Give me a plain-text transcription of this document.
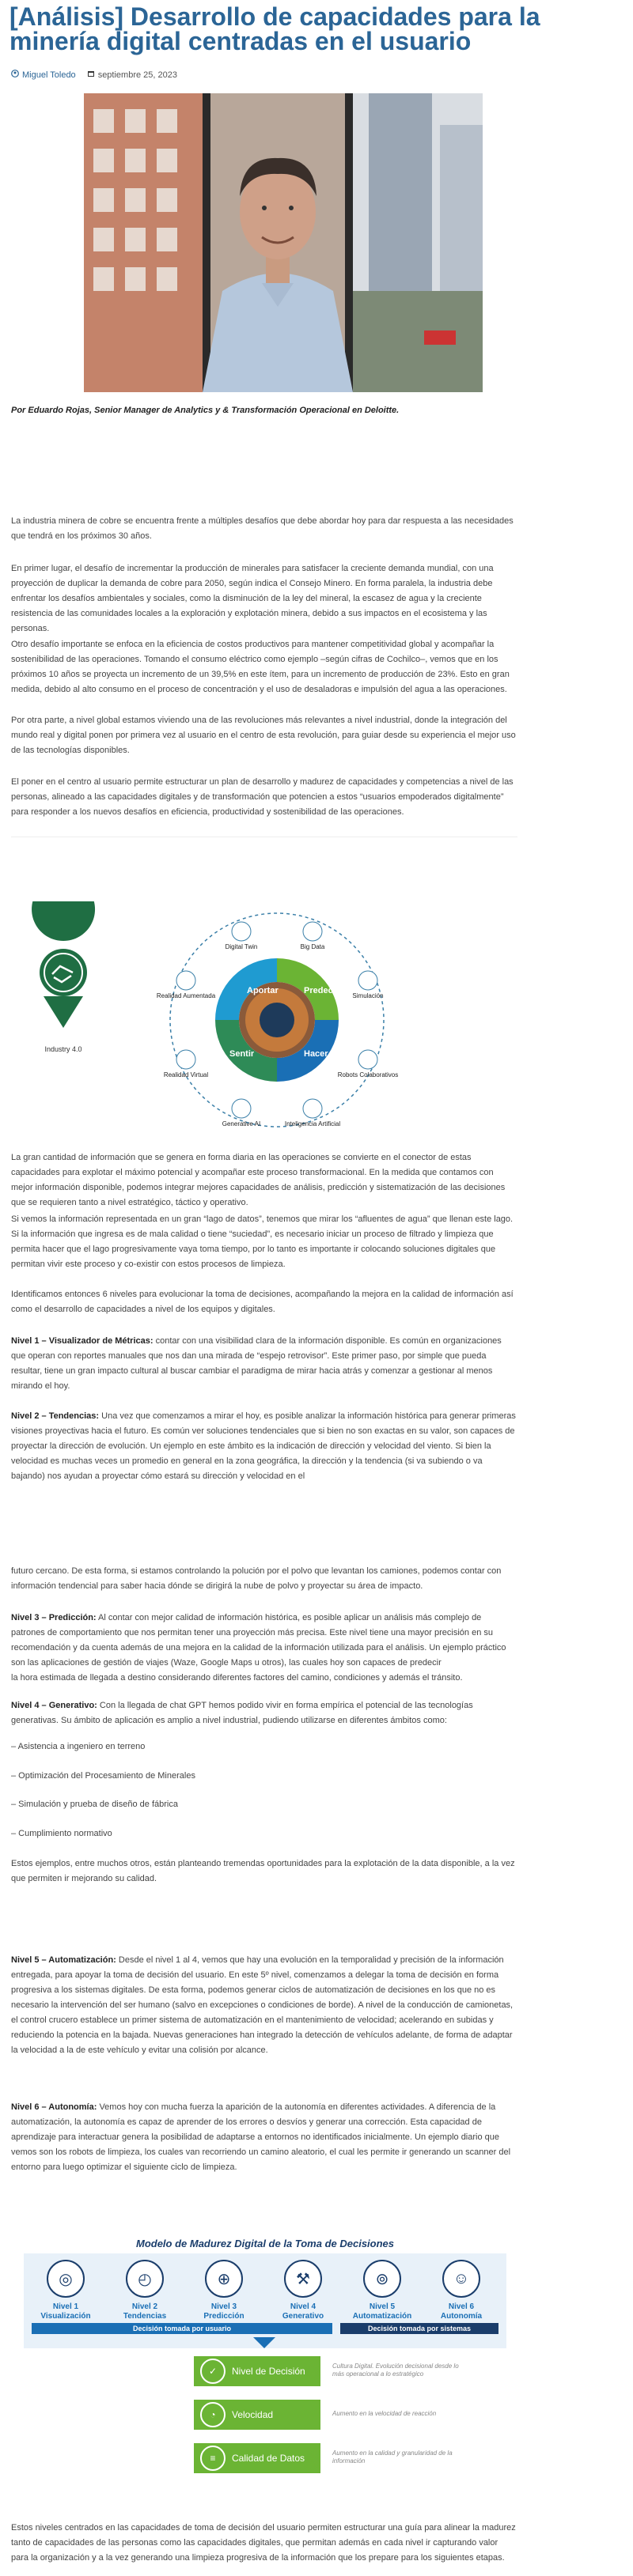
[Análisis] Desarrollo de capacidades para la minería digital centradas en el usuario
Miguel Toledo	septiembre 25, 2023
Por Eduardo Rojas, Senior Manager de Analytics y & Transformación Operacional en Deloitte.

La industria minera de cobre se encuentra frente a múltiples desafíos que debe abordar hoy para dar respuesta a las necesidades que tendrá en los próximos 30 años.

En primer lugar, el desafío de incrementar la producción de minerales para satisfacer la creciente demanda mundial, con una proyección de duplicar la demanda de cobre para 2050, según indica el Consejo Minero. En forma paralela, la industria debe enfrentar los desafíos ambientales y sociales, como la disminución de la ley del mineral, la escasez de agua y la creciente resistencia de las comunidades locales a la exploración y explotación minera, debido a sus impactos en el ecosistema y las personas.

Otro desafío importante se enfoca en la eficiencia de costos productivos para mantener competitividad global y acompañar la sostenibilidad de las operaciones. Tomando el consumo eléctrico como ejemplo –según cifras de Cochilco–, vemos que en los próximos 10 años se proyecta un incremento de un 39,5% en este ítem, para un incremento de producción de 23%. Esto en gran medida, debido al alto consumo en el proceso de concentración y el uso de desaladoras e impulsión del agua a las operaciones.

Por otra parte, a nivel global estamos viviendo una de las revoluciones más relevantes a nivel industrial, donde la integración del mundo real y digital ponen por primera vez al usuario en el centro de esta revolución, para guiar desde su experiencia el mejor uso de las tecnologías disponibles.

El poner en el centro al usuario permite estructurar un plan de desarrollo y madurez de capacidades y competencias a nivel de las personas, alineado a las capacidades digitales y de transformación que potencien a estos “usuarios empoderados digitalmente” para responder a los nuevos desafíos en eficiencia, productividad y sostenibilidad de las operaciones.

Industry 4.0
Aportar	Predecir
Hacer
Sentir
Digital Twin	Big Data
Simulación
Robots Colaborativos
Inteligencia Artificial
Generative AI
Realidad Virtual
Realidad Aumentada

La gran cantidad de información que se genera en forma diaria en las operaciones se convierte en el conector de estas capacidades para explotar el máximo potencial y acompañar este proceso transformacional. En la medida que contamos con mejor información disponible, podemos integrar mejores capacidades de análisis, predicción y sistematización de las decisiones que se requieren tanto a nivel estratégico, táctico y operativo.

Si vemos la información representada en un gran “lago de datos”, tenemos que mirar los “afluentes de agua” que llenan este lago. Si la información que ingresa es de mala calidad o tiene “suciedad”, es necesario iniciar un proceso de filtrado y limpieza que permita hacer que el lago progresivamente vaya toma tiempo, por lo tanto es importante ir colocando soluciones digitales que permitan vivir este proceso y co-existir con estos procesos de limpieza.

Identificamos entonces 6 niveles para evolucionar la toma de decisiones, acompañando la mejora en la calidad de información así como el desarrollo de capacidades a nivel de los equipos y digitales.

Nivel 1 – Visualizador de Métricas: contar con una visibilidad clara de la información disponible. Es común en organizaciones que operan con reportes manuales que nos dan una mirada de “espejo retrovisor”. Este primer paso, por simple que pueda resultar, tiene un gran impacto cultural al buscar cambiar el paradigma de mirar hacia atrás y comenzar a gestionar al menos mirando el hoy.

Nivel 2 – Tendencias: Una vez que comenzamos a mirar el hoy, es posible analizar la información histórica para generar primeras visiones proyectivas hacia el futuro. Es común ver soluciones tendenciales que si bien no son exactas en su valor, son capaces de proyectar la dirección de evolución. Un ejemplo en este ámbito es la indicación de dirección y velocidad del viento. Si bien la velocidad es muchas veces un promedio en general en la zona geográfica, la dirección y la tendencia (si va subiendo o va bajando) nos ayudan a proyectar cómo estará su dirección y velocidad en el

futuro cercano. De esta forma, si estamos controlando la polución por el polvo que levantan los camiones, podemos contar con información tendencial para saber hacia dónde se dirigirá la nube de polvo y proyectar su área de impacto.

Nivel 3 – Predicción: Al contar con mejor calidad de información histórica, es posible aplicar un análisis más complejo de patrones de comportamiento que nos permitan tener una proyección más precisa. Este nivel tiene una mayor precisión en su recomendación y da cuenta además de una mejora en la calidad de la información utilizada para el análisis. Un ejemplo práctico son las aplicaciones de gestión de viajes (Waze, Google Maps u otros), las cuales hoy son capaces de predecir

la hora estimada de llegada a destino considerando diferentes factores del camino, condiciones y además el tránsito.

Nivel 4 – Generativo: Con la llegada de chat GPT hemos podido vivir en forma empírica el potencial de las tecnologías generativas. Su ámbito de aplicación es amplio a nivel industrial, pudiendo utilizarse en diferentes ámbitos como:

– Asistencia a ingeniero en terreno
– Optimización del Procesamiento de Minerales
– Simulación y prueba de diseño de fábrica
– Cumplimiento normativo

Estos ejemplos, entre muchos otros, están planteando tremendas oportunidades para la explotación de la data disponible, a la vez que permiten ir mejorando su calidad.

Nivel 5 – Automatización: Desde el nivel 1 al 4, vemos que hay una evolución en la temporalidad y precisión de la información entregada, para apoyar la toma de decisión del usuario. En este 5º nivel, comenzamos a delegar la toma de decisión en forma progresiva a los sistemas digitales. De esta forma, podemos generar ciclos de automatización de decisiones en los que no es necesario la intervención del ser humano (salvo en excepciones o condiciones de borde). A nivel de la conducción de camionetas, el control crucero establece un primer sistema de automatización en el mantenimiento de velocidad; acelerando en subidas y reduciendo la potencia en la bajada. Nuevas generaciones han integrado la detección de vehículos adelante, de forma de adaptar la velocidad a la de este vehículo y evitar una colisión por alcance.

Nivel 6 – Autonomía: Vemos hoy con mucha fuerza la aparición de la autonomía en diferentes actividades. A diferencia de la automatización, la autonomía es capaz de aprender de los errores o desvíos y generar una corrección. Esta capacidad de aprendizaje para interactuar genera la posibilidad de adaptarse a entornos no identificados inicialmente. Un ejemplo diario que vemos son los robots de limpieza, los cuales van recorriendo un camino aleatorio, el cual les permite ir generando un scanner del entorno para luego optimizar el siguiente ciclo de limpieza.

Modelo de Madurez Digital de la Toma de Decisiones
◎
Nivel 1
Visualización
◴
Nivel 2
Tendencias
⊕
Nivel 3
Predicción
⚒
Nivel 4
Generativo
⊚
Nivel 5
Automatización
☺
Nivel 6
Autonomía
Decisión tomada por usuario	Decisión tomada por sistemas
✓	Nivel de Decisión
◔	Velocidad
≡	Calidad de Datos
Cultura Digital. Evolución decisional desde lo más operacional a lo estratégico
Aumento en la velocidad de reacción
Aumento en la calidad y granularidad de la información

Estos niveles centrados en las capacidades de toma de decisión del usuario permiten estructurar una guía para alinear la madurez tanto de capacidades de las personas como las capacidades digitales, que permitan además en cada nivel ir capturando valor para la organización y a la vez generando una limpieza progresiva de la información que los prepare para los siguientes etapas.
